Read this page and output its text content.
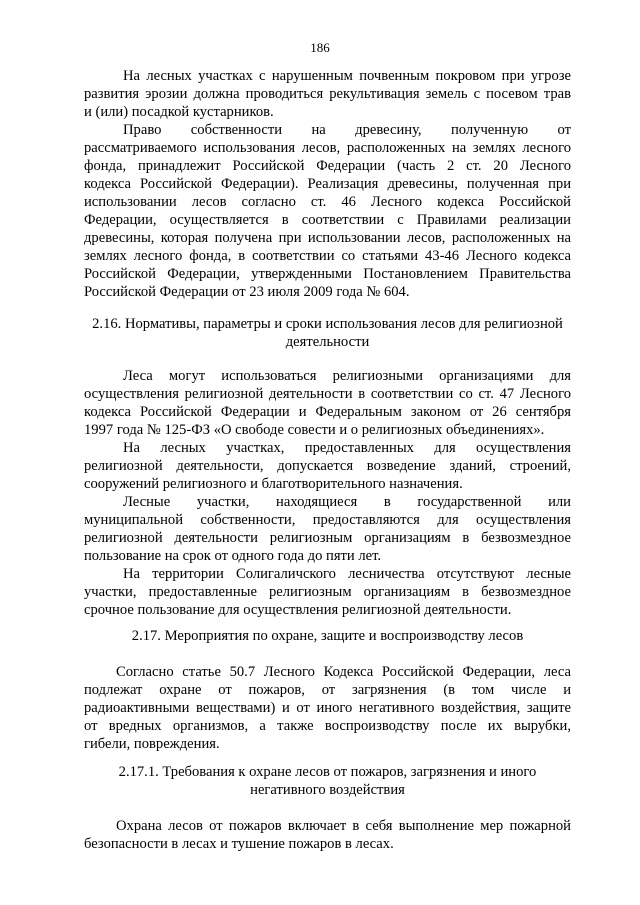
186
На лесных участках с нарушенным почвенным покровом при угрозе
развития эрозии должна проводиться рекультивация земель с посевом трав
и (или) посадкой кустарников.
Право собственности на древесину, полученную от
рассматриваемого использования лесов, расположенных на землях лесного
фонда, принадлежит Российской Федерации (часть 2 ст. 20 Лесного
кодекса Российской Федерации). Реализация древесины, полученная при
использовании лесов согласно ст. 46 Лесного кодекса Российской
Федерации, осуществляется в соответствии с Правилами реализации
древесины, которая получена при использовании лесов, расположенных на
землях лесного фонда, в соответствии со статьями 43-46 Лесного кодекса
Российской Федерации, утвержденными Постановлением Правительства
Российской Федерации от 23 июля 2009 года № 604.
2.16. Нормативы, параметры и сроки использования лесов для религиозной
деятельности
Леса могут использоваться религиозными организациями для
осуществления религиозной деятельности в соответствии со ст. 47 Лесного
кодекса Российской Федерации и Федеральным законом от 26 сентября
1997 года № 125-ФЗ «О свободе совести и о религиозных объединениях».
На лесных участках, предоставленных для осуществления
религиозной деятельности, допускается возведение зданий, строений,
сооружений религиозного и благотворительного назначения.
Лесные участки, находящиеся в государственной или
муниципальной собственности, предоставляются для осуществления
религиозной деятельности религиозным организациям в безвозмездное
пользование на срок от одного года до пяти лет.
На территории Солигаличского лесничества отсутствуют лесные
участки, предоставленные религиозным организациям в безвозмездное
срочное пользование для осуществления религиозной деятельности.
2.17. Мероприятия по охране, защите и воспроизводству лесов
Согласно статье 50.7 Лесного Кодекса Российской Федерации, леса
подлежат охране от пожаров, от загрязнения (в том числе и
радиоактивными веществами) и от иного негативного воздействия, защите
от вредных организмов, а также воспроизводству после их вырубки,
гибели, повреждения.
2.17.1. Требования к охране лесов от пожаров, загрязнения и иного
негативного воздействия
Охрана лесов от пожаров включает в себя выполнение мер пожарной
безопасности в лесах и тушение пожаров в лесах.
